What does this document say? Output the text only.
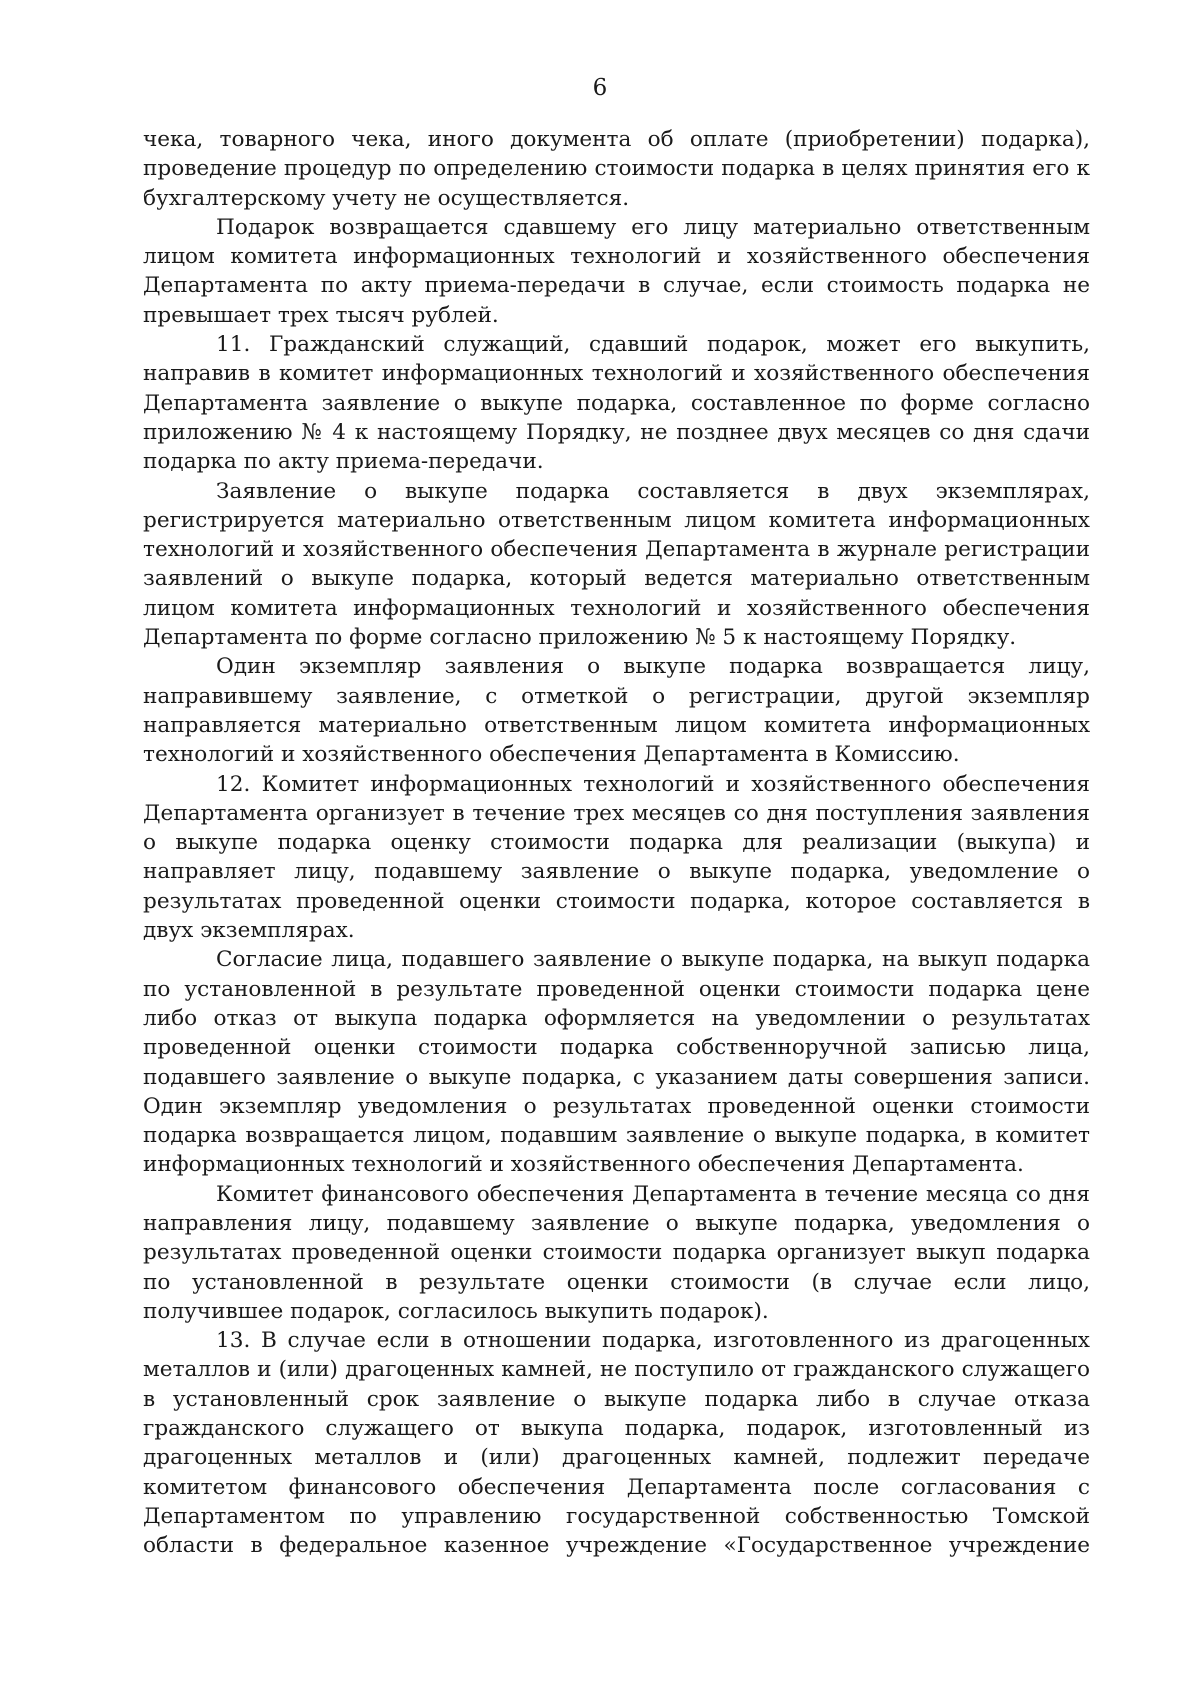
6

чека, товарного чека, иного документа об оплате (приобретении) подарка), проведение процедур по определению стоимости подарка в целях принятия его к бухгалтерскому учету не осуществляется.

Подарок возвращается сдавшему его лицу материально ответственным лицом комитета информационных технологий и хозяйственного обеспечения Департамента по акту приема-передачи в случае, если стоимость подарка не превышает трех тысяч рублей.

11. Гражданский служащий, сдавший подарок, может его выкупить, направив в комитет информационных технологий и хозяйственного обеспечения Департамента заявление о выкупе подарка, составленное по форме согласно приложению № 4 к настоящему Порядку, не позднее двух месяцев со дня сдачи подарка по акту приема-передачи.

Заявление о выкупе подарка составляется в двух экземплярах, регистрируется материально ответственным лицом комитета информационных технологий и хозяйственного обеспечения Департамента в журнале регистрации заявлений о выкупе подарка, который ведется материально ответственным лицом комитета информационных технологий и хозяйственного обеспечения Департамента по форме согласно приложению № 5 к настоящему Порядку.

Один экземпляр заявления о выкупе подарка возвращается лицу, направившему заявление, с отметкой о регистрации, другой экземпляр направляется материально ответственным лицом комитета информационных технологий и хозяйственного обеспечения Департамента в Комиссию.

12. Комитет информационных технологий и хозяйственного обеспечения Департамента организует в течение трех месяцев со дня поступления заявления о выкупе подарка оценку стоимости подарка для реализации (выкупа) и направляет лицу, подавшему заявление о выкупе подарка, уведомление о результатах проведенной оценки стоимости подарка, которое составляется в двух экземплярах.

Согласие лица, подавшего заявление о выкупе подарка, на выкуп подарка по установленной в результате проведенной оценки стоимости подарка цене либо отказ от выкупа подарка оформляется на уведомлении о результатах проведенной оценки стоимости подарка собственноручной записью лица, подавшего заявление о выкупе подарка, с указанием даты совершения записи. Один экземпляр уведомления о результатах проведенной оценки стоимости подарка возвращается лицом, подавшим заявление о выкупе подарка, в комитет информационных технологий и хозяйственного обеспечения Департамента.

Комитет финансового обеспечения Департамента в течение месяца со дня направления лицу, подавшему заявление о выкупе подарка, уведомления о результатах проведенной оценки стоимости подарка организует выкуп подарка по установленной в результате оценки стоимости (в случае если лицо, получившее подарок, согласилось выкупить подарок).

13. В случае если в отношении подарка, изготовленного из драгоценных металлов и (или) драгоценных камней, не поступило от гражданского служащего в установленный срок заявление о выкупе подарка либо в случае отказа гражданского служащего от выкупа подарка, подарок, изготовленный из драгоценных металлов и (или) драгоценных камней, подлежит передаче комитетом финансового обеспечения Департамента после согласования с Департаментом по управлению государственной собственностью Томской области в федеральное казенное учреждение «Государственное учреждение
